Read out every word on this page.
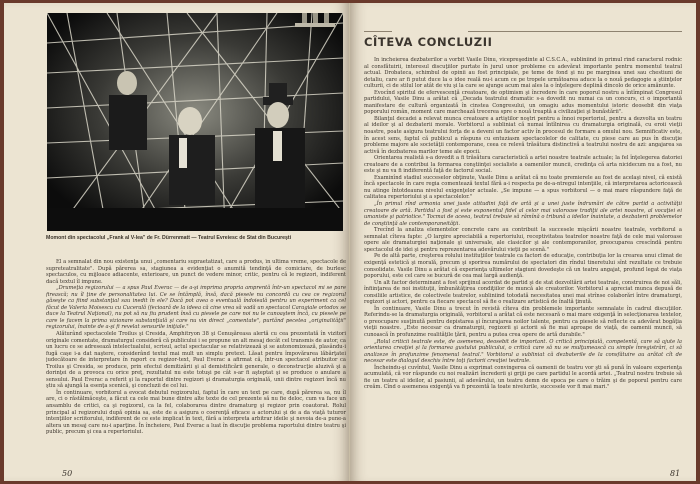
Momont din spectacolul „Frank al V-lea" de Fr. Dürrenmatt — Teatrul Evreiesc de Stat din Bucureşti

El a semnalat din nou existenţa unui „comentariu supraetatizat, care a produs, în ultima vreme, spectacole de supreteatralitate". După părerea sa, stagiunea a evidenţiat o anumită tendinţă de comiciare, de burlesc spectaculos, cu mijloace adiacente, exterioare, un punct de vedere minor, critic, pentru că le regizori, indiferent dacă textul îl impune.

„Drumeţia regizorului — a spus Paul Everac — de a-şi imprima propria amprentă într-un spectacol mi se pare firească; nu îl ţine de personalitatea lui. Ce se întâmplă, însă, dacă piesele nu concordă cu cea ce regizorul găseşte ca fiind substanţial sau inedit în ele? Dacă pot avea o eventuală îndoieală pentru un experiment ca cel făcut de Valeria Moisescu cu Cucerală (fecioară de la ideea că cine vrea să vadă un spectacol Caragiale ortodox se duce la Teatrul Naţional), nu pot să nu fiu prudent însă cu piesele pe care noi nu le cunoaştem încă, cu piesele pe care le facem la prima vizionare substanţială şi care nu vin direct „comentate", purtând pecetea „originalităţii" regizorului, înainte de a-şi fi revelat sensurile iniţiale."

Alăturând spectacolele Troilus şi Cresida, Amphitryon 38 şi Cenuşăreasa alertă cu cea prezentată în vizitori originale comentate, dramaturgul consideră că publicului i se propune un alt mesaj decât cel transmis de autor, ca un lucru ce se adresează intelectualului, scrisul, actul spectacular se relativizează şi se autonomizează, plasându-i fugă caşe i-a dat naştere, considerând textul mai mult un simplu pretext. Lăsat pentru împovărarea lăbărţatei judecătoare de interpretare în raport cu regizor-text, Paul Everac a afirmat că, într-un spectacol atribuitor ca Troilus şi Cresida, se produce, prin efectul demitizării şi al demistificării generale, o deconstrucţie aluzivă şi a dorinţei de a provoca cu orice preţ, rezultatul nu este totuşi pe cât s-ar fi aşteptat şi se produce o anulare a sensului. Paul Everac a referit şi la raportul dintre regizori şi dramaturgia originală, unii dintre regizori încă nu ştiu să ajungă la esenţa scenică, şi concluzii de cel lui.

În continuare, vorbitorul a evocat debutul regizorului, faptul în care un text pe care, după părerea sa, nu îl are, ci o răstălmăceşte, a făcut ca cele mai bune dintre alte texte de cel prezente să nu fie deloc, cum va face un ansamblu de critici, ca şi regizorul, ca la fel, colaborarea dintre dramaturg şi regizor prin coautorat. Rolul principal al regizorului după opinia sa, este de a asigura o coerenţă eficace a actorului şi de a da viaţă tuturor intenţiilor scriitorului, indiferent de ce este implicat în text, fără a interpreta arbitrar ideile şi nevoia de-a pune-a altera un mesaj care nu-i aparţine. În încheiere, Paul Everac a luat în discuţie problema raportului dintre teatru şi public, precum şi cea a repertoriului.

50
CÎTEVA CONCLUZII

În încheierea dezbaterilor a vorbit Vasile Dinu, vicepreşedinte al C.S.C.A., subliniind în primul rînd caracterul rodnic al consfătuirii, interesul discuţiilor purtate în jurul unor probleme cu adevărat importante pentru momentul teatral actual. Drobateca, schimbul de opinii au fost principiale, pe teme de fond şi nu pe marginea unei sau chestiuni de detaliu, care ar fi putut duce la o idee reală nu-i acum ce pe tropele următoarea aduce la o nouă pedagogie a ştiinţelor culturii, ci de stilul lor atât de viu şi la care se ajunge acum mai ales la o înţelegere deplină dincolo de orice amănunte.

Evocînd spiritul de efervescenţă creatoare, de optimism şi încredere în care poporul nostru a întîmpinat Congresul partidului, Vasile Dinu a arătat că „Decada teatrului dramatic s-a dovedit nu numai ca un concurs, ci o importantă manifestare de cultură organizată în cinstea Congresului, un omagiu adus momentului istoric deosebit din viaţa poporului român, moment care marchează trecerea spre o nouă treaptă a civilizaţiei şi bunăstării".

Bilanţul decadei a relevat munca creatoare a artiştilor noştri pentru a înnoi repertoriul, pentru a dezvolta un teatru al ideilor şi al dezbaterii morale. Vorbitorul a subliniat că numai întîlnirea cu dramaturgia originală, cu eroii vieţii noastre, poate asigura teatrului forţa de a deveni un factor activ în procesul de formare a omului nou. Semnificativ este, în acest sens, faptul că publicul a răspuns cu entuziasm spectacolelor de calitate, cu piese care au pus în discuţie probleme majore ale societăţii contemporane, ceea ce relevă trăsătura distinctivă a teatrului nostru de azi: angajarea sa activă în dezbaterea marilor teme ale epocii.

Orientarea realistă s-a dovedit a fi trăsătura caracteristică a artei noastre teatrale actuale; la fel înţelegerea datoriei creatoare de a contribui la formarea conştiinţei socialiste a oamenilor muncii, credinţa că arta nicidecum nu a fost, nu este şi nu va fi indiferentă faţă de factorul social.

Examinînd stadiul succeselor obţinute, Vasile Dinu a arătat că nu toate premierele au fost de acelaşi nivel, că există încă spectacole în care regia comentează textul fără a-i respecta pe de-a-ntregul intenţiile, că interpretarea actoricească nu atinge întotdeauna nivelul exigenţelor actuale. „Se impune — a spus vorbitorul — o mai mare răspundere faţă de calitatea repertoriului şi a spectacolelor."

„În primul rînd armonia unei juste atitudini faţă de artă şi a unei juste îndrumări de către partid a activităţii creatoare de artă. Partidul a fost şi este exponentul fidel al celor mai valoroase tradiţii ale artei noastre, al vocaţiei ei umaniste şi patriotice." Tocmai de aceea, teatrul trebuie să rămînă o tribună a ideilor înaintate, a dezbaterii problemelor de conştiinţă ale contemporaneităţii.

Trecînd la analiza elementelor concrete care au contribuit la succesele mişcării noastre teatrale, vorbitorul a semnalat cîteva fapte: „O largire apreciabilă a repertoriului, receptivitatea teatrelor noastre faţă de cele mai valoroase opere ale dramaturgiei naţionale şi universale, ale clasicilor şi ale contemporanilor, preocuparea crescîndă pentru spectacolul de idei şi pentru reprezentarea adevărului vieţii pe scenă."

Pe de altă parte, creşterea rolului instituţiilor teatrale ca factori de educaţie, contribuţia lor la crearea unui climat de exigenţă estetică şi morală, precum şi sporirea numărului de spectatori din rîndul tineretului sînt rezultate ce trebuie consolidate. Vasile Dinu a arătat că experienţa ultimelor stagiuni dovedeşte că un teatru angajat, profund legat de viaţa poporului, este cel care se bucură de cea mai largă audienţă.

Un alt factor determinant a fost sprijinul acordat de partid şi de stat dezvoltării artei teatrale, construirea de noi săli, înfiinţarea de noi instituţii, îmbunătăţirea condiţiilor de muncă ale creatorilor. Vorbitorul a apreciat munca depusă de consiliile artistice, de colectivele teatrelor, subliniind totodată necesitatea unei mai strînse colaborări între dramaturgi, regizori şi actori, pentru ca fiecare spectacol să fie o realizare artistică de înaltă ţinută.

În continuare, Vasile Dinu a trecut în revistă cîteva din problemele importante semnalate în cadrul discuţiilor. Referindu-se la dramaturgia originală, vorbitorul a arătat că este necesară o mai mare exigenţă în selecţionarea textelor, o preocupare susţinută pentru depistarea şi încurajarea noilor talente, pentru ca piesele să reflecte cu adevărat bogăţia vieţii noastre. „Este necesar ca dramaturgii, regizorii şi actorii să fie mai aproape de viaţă, de oamenii muncii, să cunoască în profunzime realităţile ţării, pentru a putea crea opere de artă durabile."

„Rolul criticii teatrale este, de asemenea, deosebit de important. O critică principială, competentă, care să ajute la orientarea creaţiei şi la formarea gustului publicului, o critică care să nu se mulţumească cu simple înregistrări, ci să analizeze în profunzime fenomenul teatral." Vorbitorul a subliniat că dezbaterile de la consfătuire au arătat cît de necesar este dialogul deschis între toţi factorii creaţiei teatrale.

Încheindu-şi cuvîntul, Vasile Dinu a exprimat convingerea că oamenii de teatru vor şti să pună în valoare experienţa acumulată, că vor răspunde cu noi realizări încrederii şi grijii pe care partidul le acordă artei. „Teatrul nostru trebuie să fie un teatru al ideilor, al pasiunii, al adevărului, un teatru demn de epoca pe care o trăim şi de poporul pentru care creăm. Cînd o asemenea exigenţă va fi prezentă la toate nivelurile, succesele vor fi mai mari."

81
